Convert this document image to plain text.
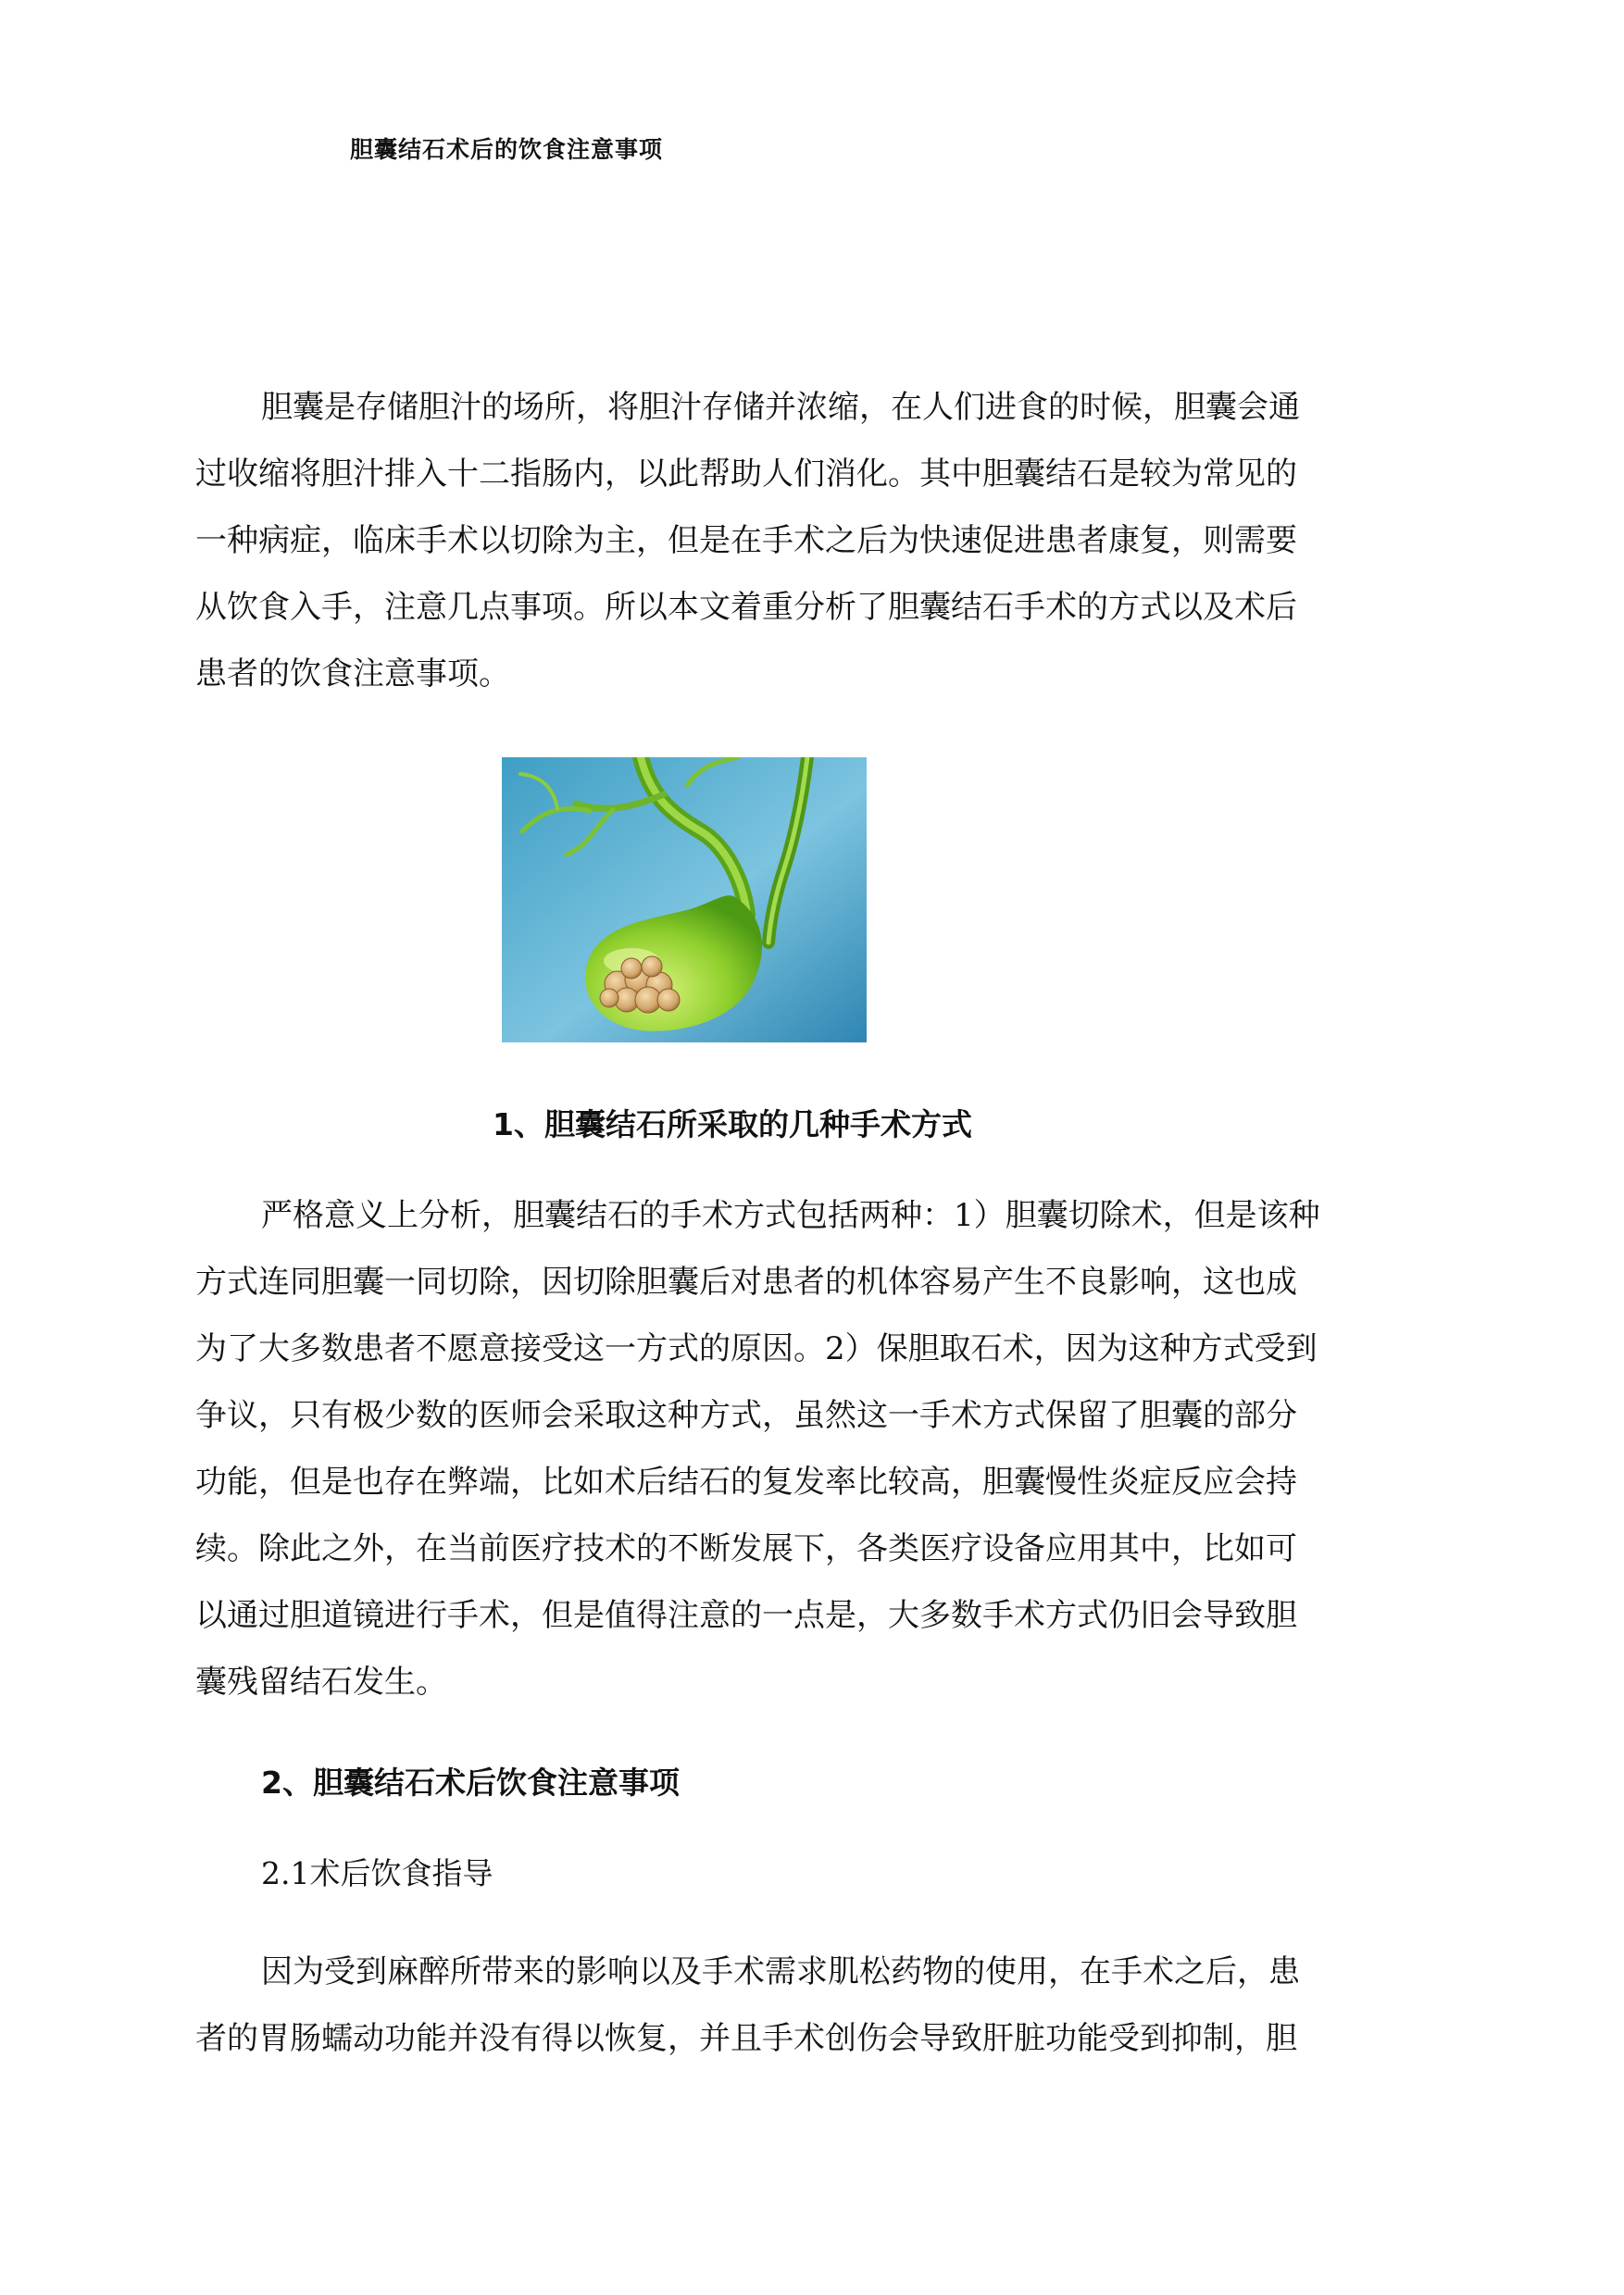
胆囊结石术后的饮食注意事项
胆囊是存储胆汁的场所，将胆汁存储并浓缩，在人们进食的时候，胆囊会通
过收缩将胆汁排入十二指肠内，以此帮助人们消化。其中胆囊结石是较为常见的
一种病症，临床手术以切除为主，但是在手术之后为快速促进患者康复，则需要
从饮食入手，注意几点事项。所以本文着重分析了胆囊结石手术的方式以及术后
患者的饮食注意事项。
1、胆囊结石所采取的几种手术方式
严格意义上分析，胆囊结石的手术方式包括两种：1）胆囊切除术，但是该种
方式连同胆囊一同切除，因切除胆囊后对患者的机体容易产生不良影响，这也成
为了大多数患者不愿意接受这一方式的原因。2）保胆取石术，因为这种方式受到
争议，只有极少数的医师会采取这种方式，虽然这一手术方式保留了胆囊的部分
功能，但是也存在弊端，比如术后结石的复发率比较高，胆囊慢性炎症反应会持
续。除此之外，在当前医疗技术的不断发展下，各类医疗设备应用其中，比如可
以通过胆道镜进行手术，但是值得注意的一点是，大多数手术方式仍旧会导致胆
囊残留结石发生。
2、胆囊结石术后饮食注意事项
2.1术后饮食指导
因为受到麻醉所带来的影响以及手术需求肌松药物的使用，在手术之后，患
者的胃肠蠕动功能并没有得以恢复，并且手术创伤会导致肝脏功能受到抑制，胆
